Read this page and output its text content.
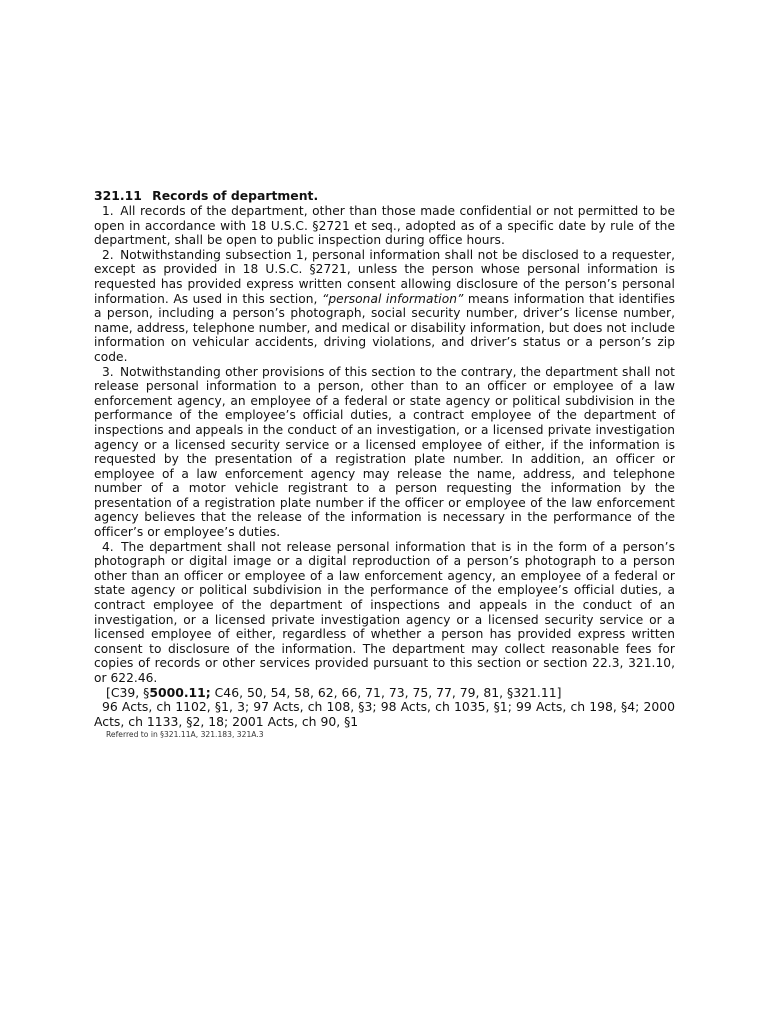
321.11 Records of department.

1. All records of the department, other than those made confidential or not permitted to be open in accordance with 18 U.S.C. §2721 et seq., adopted as of a specific date by rule of the department, shall be open to public inspection during office hours.

2. Notwithstanding subsection 1, personal information shall not be disclosed to a requester, except as provided in 18 U.S.C. §2721, unless the person whose personal information is requested has provided express written consent allowing disclosure of the person’s personal information. As used in this section, “personal information” means information that identifies a person, including a person’s photograph, social security number, driver’s license number, name, address, telephone number, and medical or disability information, but does not include information on vehicular accidents, driving violations, and driver’s status or a person’s zip code.

3. Notwithstanding other provisions of this section to the contrary, the department shall not release personal information to a person, other than to an officer or employee of a law enforcement agency, an employee of a federal or state agency or political subdivision in the performance of the employee’s official duties, a contract employee of the department of inspections and appeals in the conduct of an investigation, or a licensed private investigation agency or a licensed security service or a licensed employee of either, if the information is requested by the presentation of a registration plate number. In addition, an officer or employee of a law enforcement agency may release the name, address, and telephone number of a motor vehicle registrant to a person requesting the information by the presentation of a registration plate number if the officer or employee of the law enforcement agency believes that the release of the information is necessary in the performance of the officer’s or employee’s duties.

4. The department shall not release personal information that is in the form of a person’s photograph or digital image or a digital reproduction of a person’s photograph to a person other than an officer or employee of a law enforcement agency, an employee of a federal or state agency or political subdivision in the performance of the employee’s official duties, a contract employee of the department of inspections and appeals in the conduct of an investigation, or a licensed private investigation agency or a licensed security service or a licensed employee of either, regardless of whether a person has provided express written consent to disclosure of the information. The department may collect reasonable fees for copies of records or other services provided pursuant to this section or section 22.3, 321.10, or 622.46.

[C39, §5000.11; C46, 50, 54, 58, 62, 66, 71, 73, 75, 77, 79, 81, §321.11]

96 Acts, ch 1102, §1, 3; 97 Acts, ch 108, §3; 98 Acts, ch 1035, §1; 99 Acts, ch 198, §4; 2000 Acts, ch 1133, §2, 18; 2001 Acts, ch 90, §1

Referred to in §321.11A, 321.183, 321A.3
